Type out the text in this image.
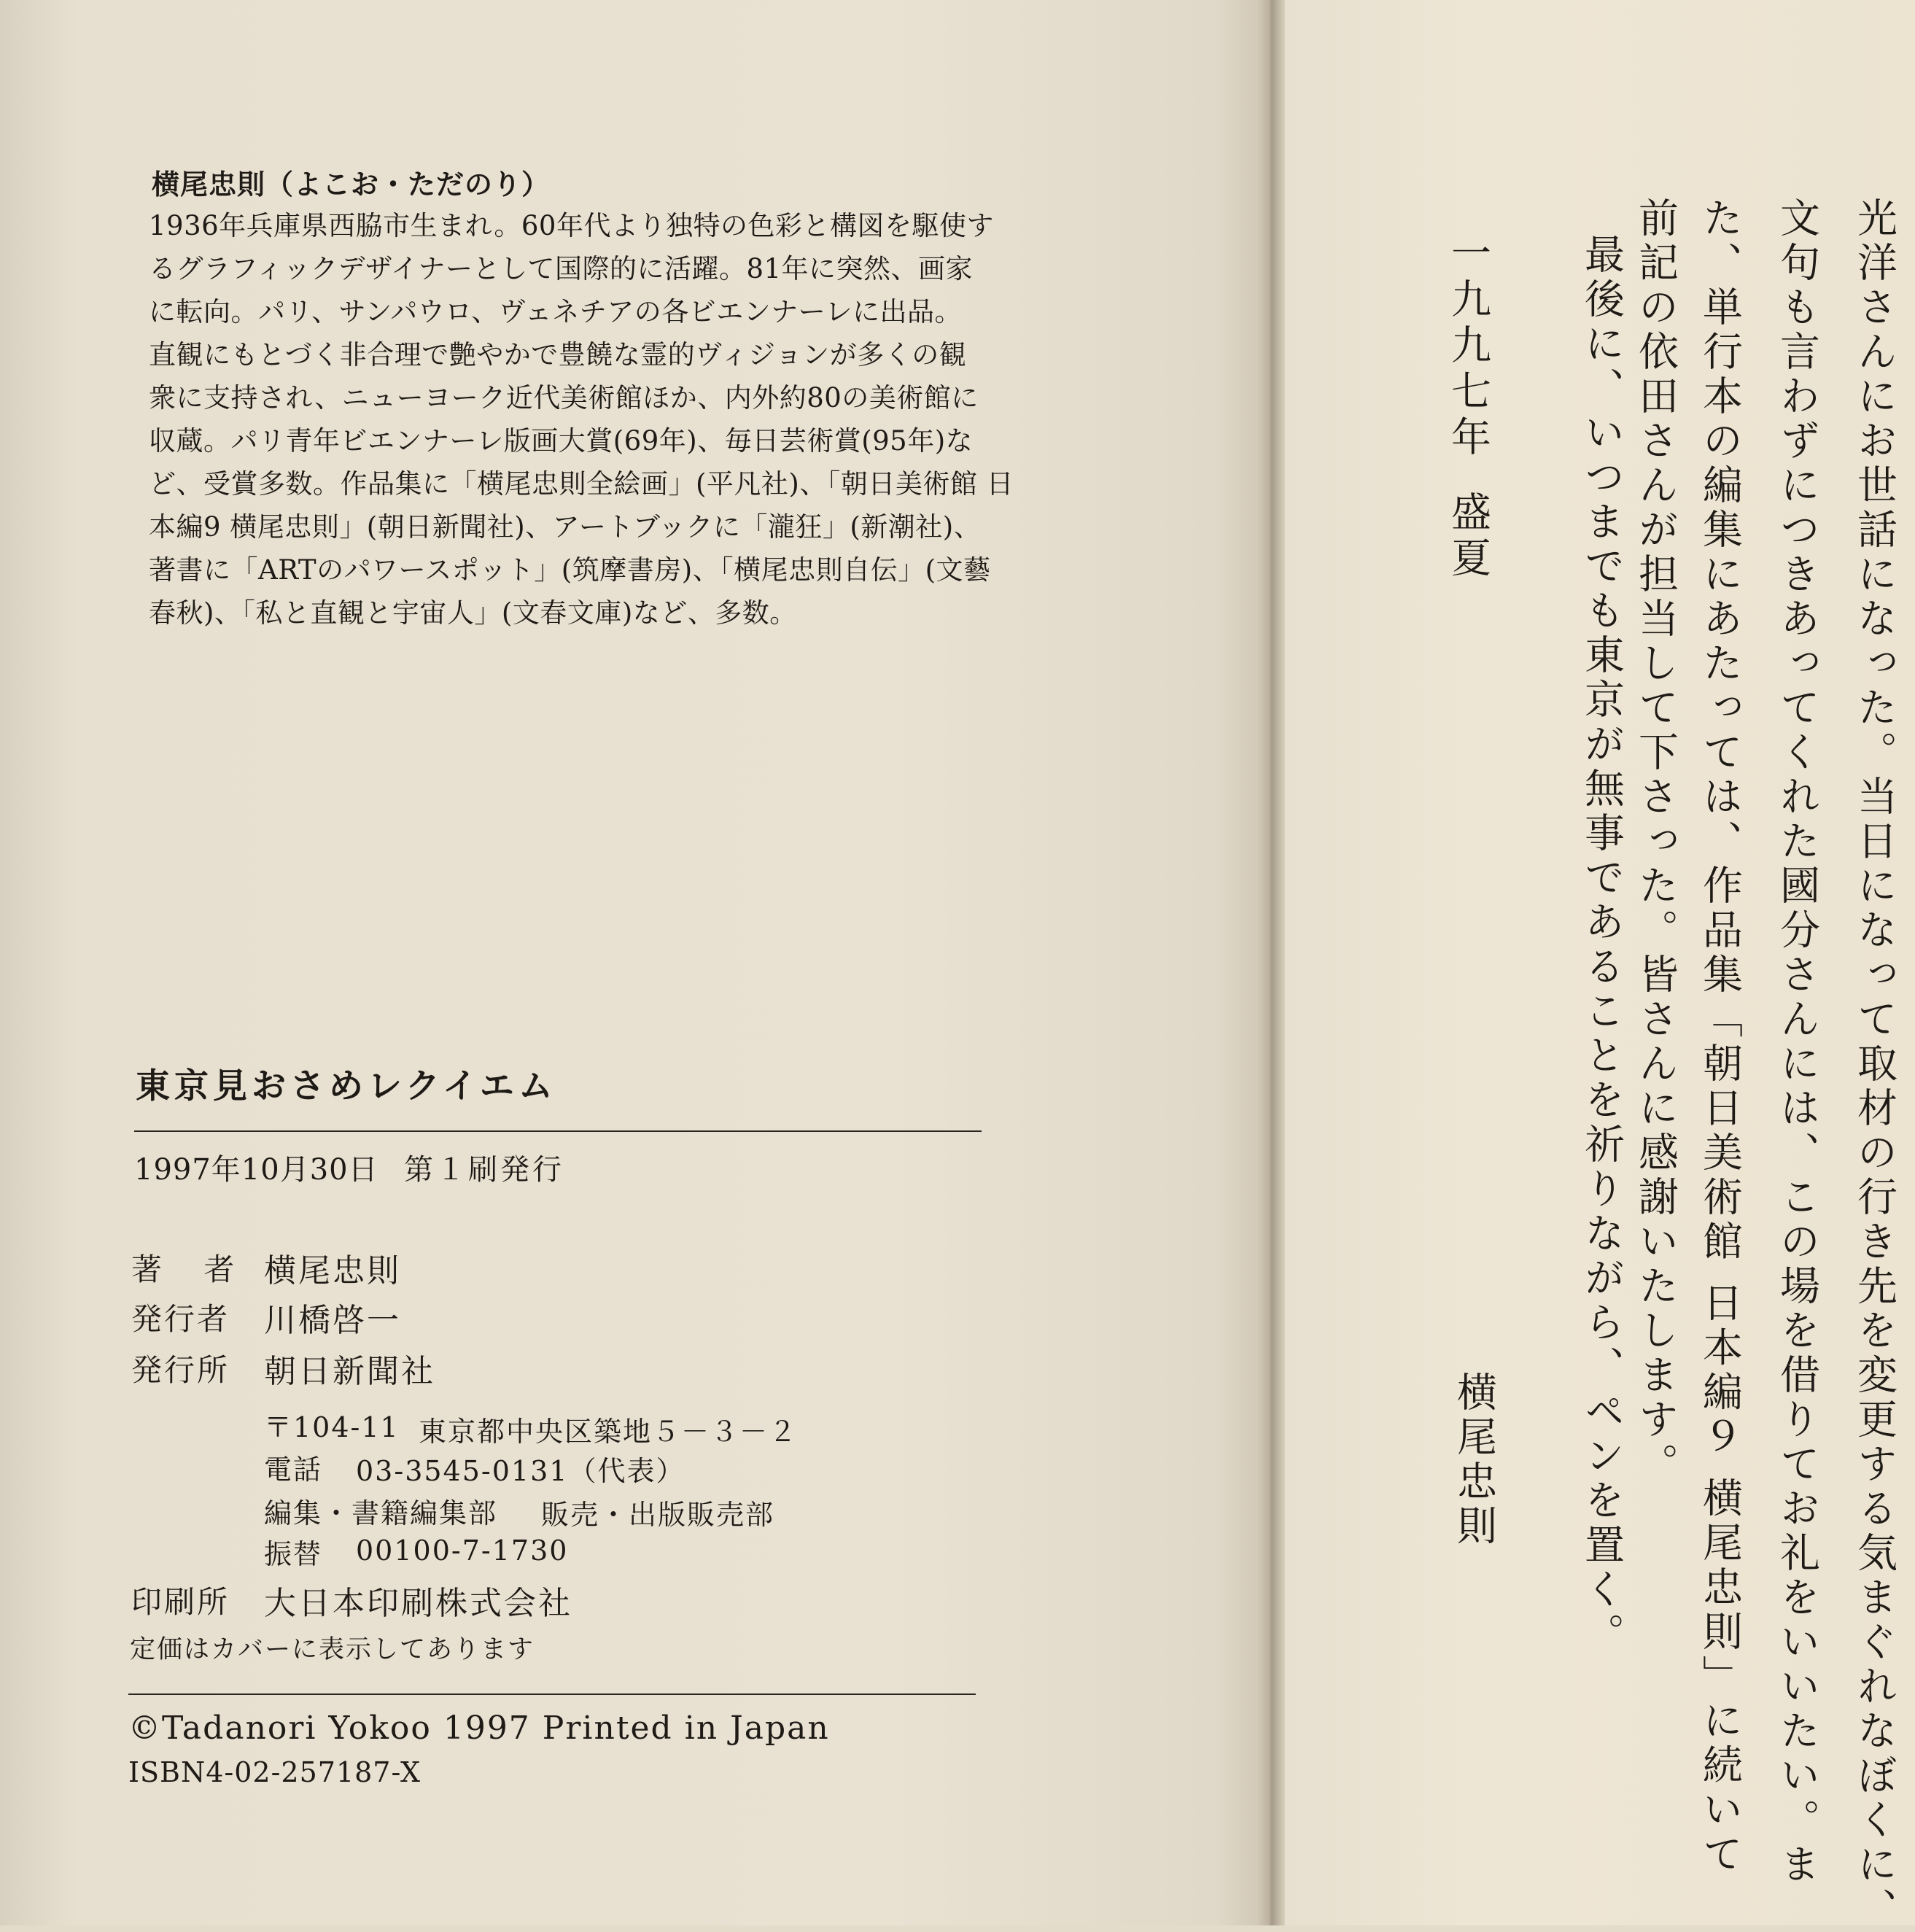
横尾忠則（よこお・ただのり）
1936年兵庫県西脇市生まれ。60年代より独特の色彩と構図を駆使す
るグラフィックデザイナーとして国際的に活躍。81年に突然、画家
に転向。パリ、サンパウロ、ヴェネチアの各ビエンナーレに出品。
直観にもとづく非合理で艶やかで豊饒な霊的ヴィジョンが多くの観
衆に支持され、ニューヨーク近代美術館ほか、内外約80の美術館に
収蔵。パリ青年ビエンナーレ版画大賞(69年)、毎日芸術賞(95年)な
ど、受賞多数。作品集に「横尾忠則全絵画」(平凡社)、「朝日美術館 日
本編9 横尾忠則」(朝日新聞社)、アートブックに「瀧狂」(新潮社)、
著書に「ARTのパワースポット」(筑摩書房)、「横尾忠則自伝」(文藝
春秋)、「私と直観と宇宙人」(文春文庫)など、多数。
東京見おさめレクイエム
1997年10月30日 第１刷発行
著 者 横尾忠則
発行者 川橋啓一
発行所 朝日新聞社
〒104-11 東京都中央区築地５－３－２
電話 03-3545-0131（代表）
編集・書籍編集部 販売・出版販売部
振替 00100-7-1730
印刷所 大日本印刷株式会社
定価はカバーに表示してあります
©Tadanori Yokoo 1997 Printed in Japan
ISBN4-02-257187-X	光洋さんにお世話になった。当日になって取材の行き先を変更する気まぐれなぼくに、
文句も言わずにつきあってくれた國分さんには、この場を借りてお礼をいいたい。ま
た、単行本の編集にあたっては、作品集「朝日美術館 日本編９ 横尾忠則」に続いて
前記の依田さんが担当して下さった。皆さんに感謝いたします。
最後に、いつまでも東京が無事であることを祈りながら、ペンを置く。
一九九七年盛夏
横尾忠則
